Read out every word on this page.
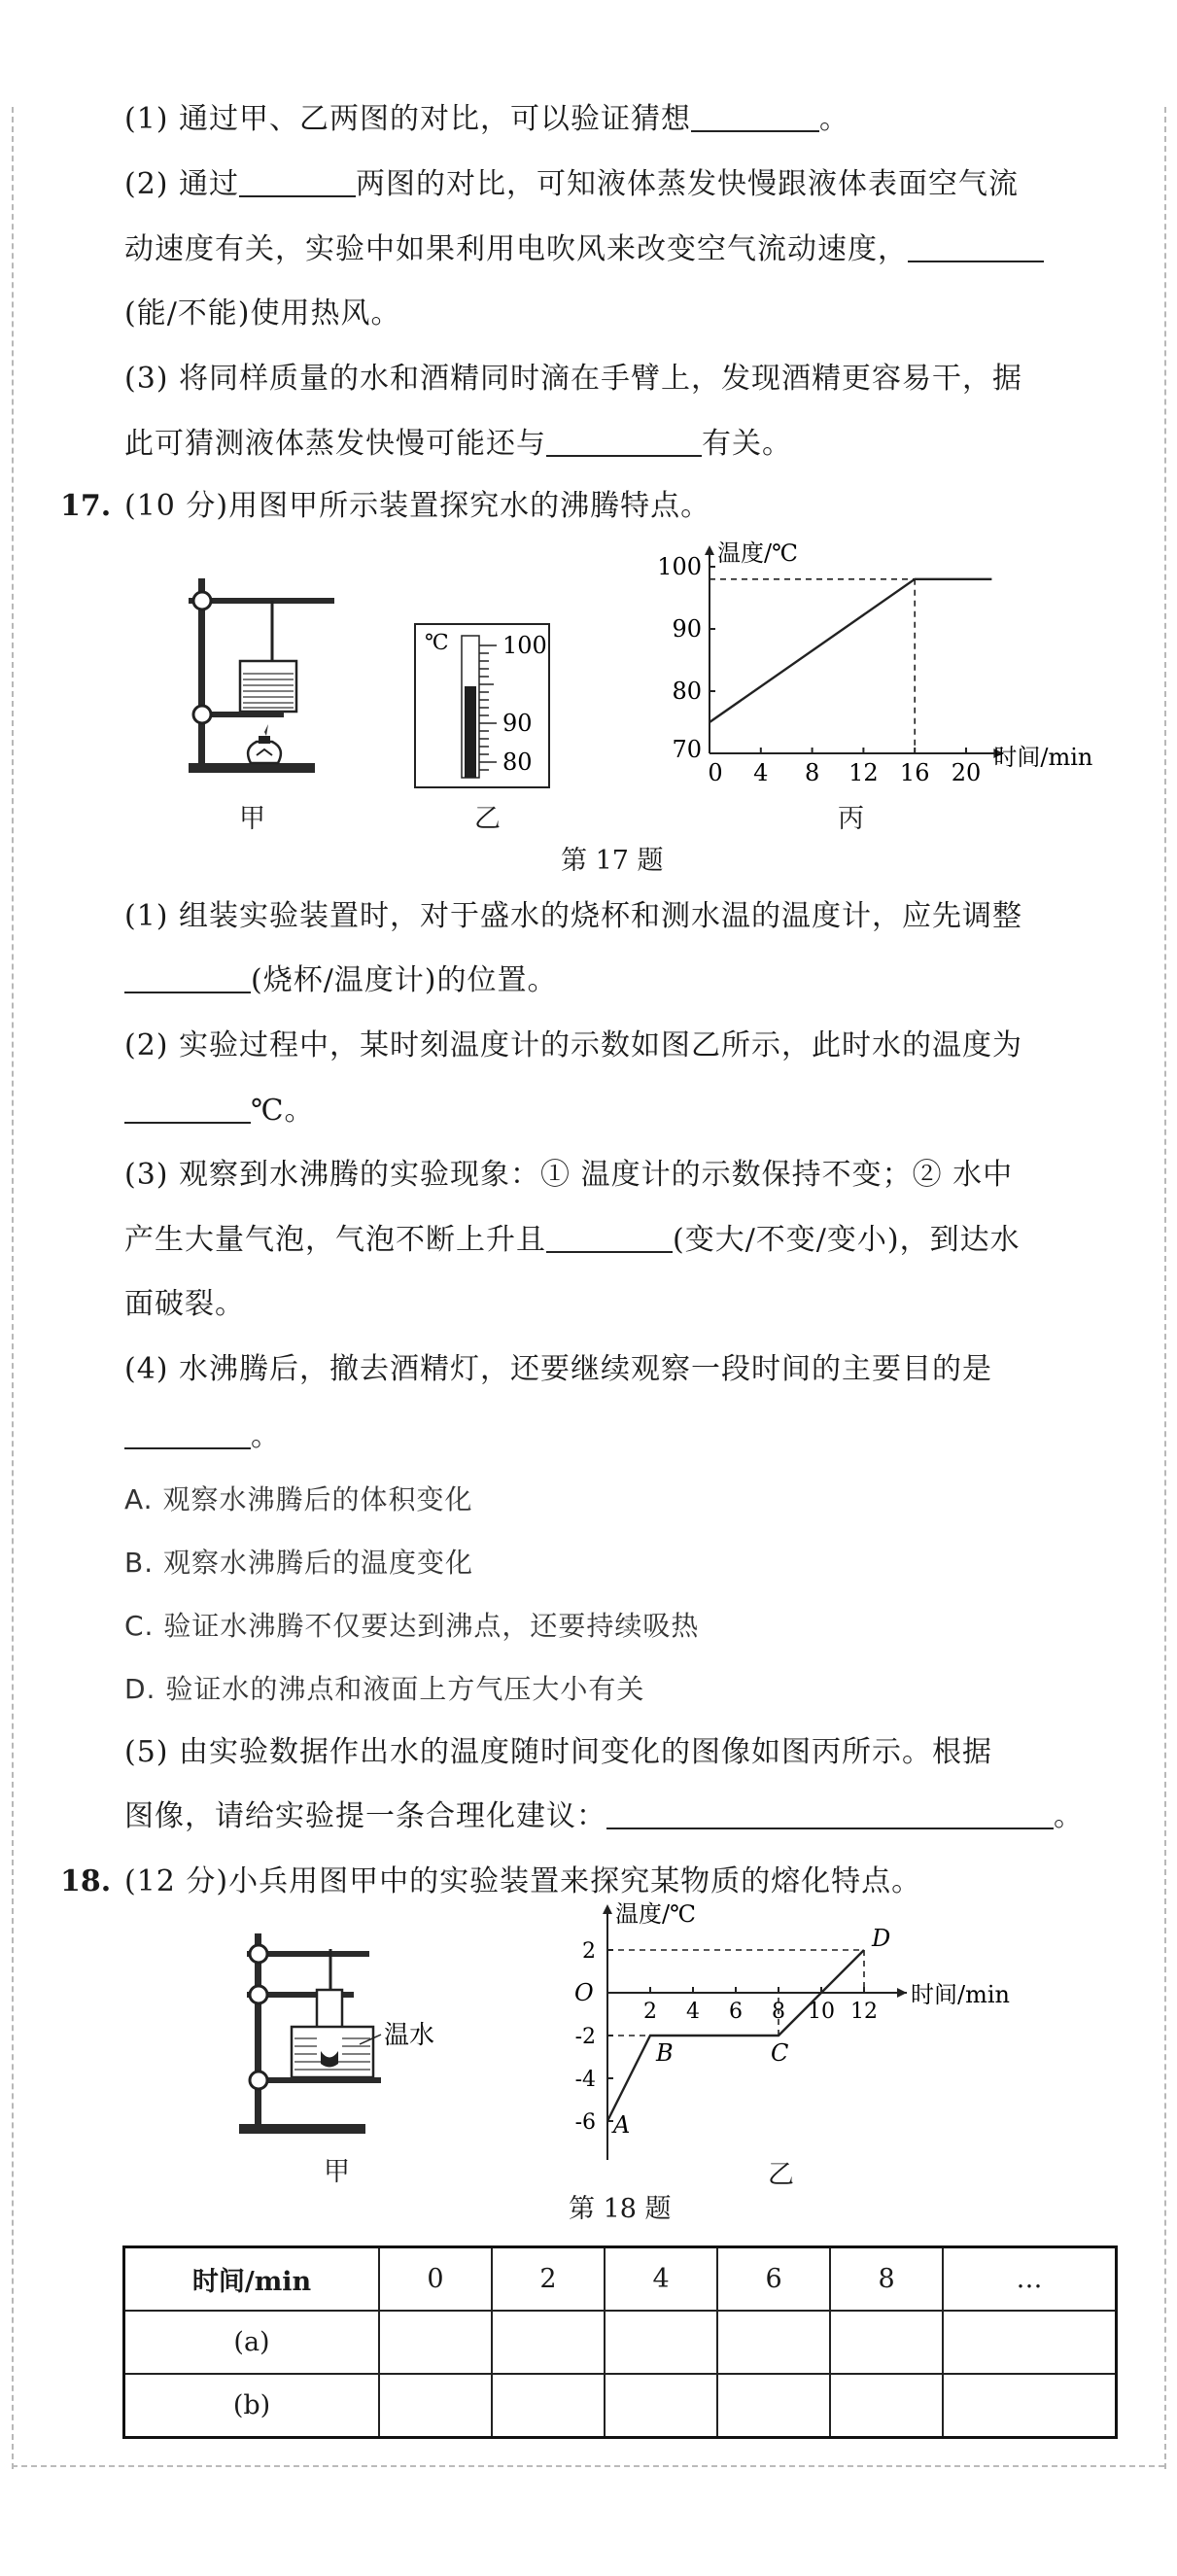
(1) 通过甲、乙两图的对比，可以验证猜想	。
(2) 通过	两图的对比，可知液体蒸发快慢跟液体表面空气流
动速度有关，实验中如果利用电吹风来改变空气流动速度，
(能/不能)使用热风。
(3) 将同样质量的水和酒精同时滴在手臂上，发现酒精更容易干，据
此可猜测液体蒸发快慢可能还与	有关。
17. (10 分)用图甲所示装置探究水的沸腾特点。
甲
℃ 100
90
80
乙
温度/℃
时间/min
70
80
90
100
0 4 8 12 16 20
丙
第 17 题
(1) 组装实验装置时，对于盛水的烧杯和测水温的温度计，应先调整
(烧杯/温度计)的位置。
(2) 实验过程中，某时刻温度计的示数如图乙所示，此时水的温度为
℃。
(3) 观察到水沸腾的实验现象：① 温度计的示数保持不变；② 水中
产生大量气泡，气泡不断上升且	(变大/不变/变小)，到达水
面破裂。
(4) 水沸腾后，撤去酒精灯，还要继续观察一段时间的主要目的是
。
A. 观察水沸腾后的体积变化
B. 观察水沸腾后的温度变化
C. 验证水沸腾不仅要达到沸点，还要持续吸热
D. 验证水的沸点和液面上方气压大小有关
(5) 由实验数据作出水的温度随时间变化的图像如图丙所示。根据
图像，请给实验提一条合理化建议：	。
18. (12 分)小兵用图甲中的实验装置来探究某物质的熔化特点。
温水
甲
温度/℃
时间/min
O
2
-2
-4
-6
2 4 6 8 10 12
A
B	C
D
乙
第 18 题
时间/min	0	2	4	6	8	…
(a)						
(b)						
